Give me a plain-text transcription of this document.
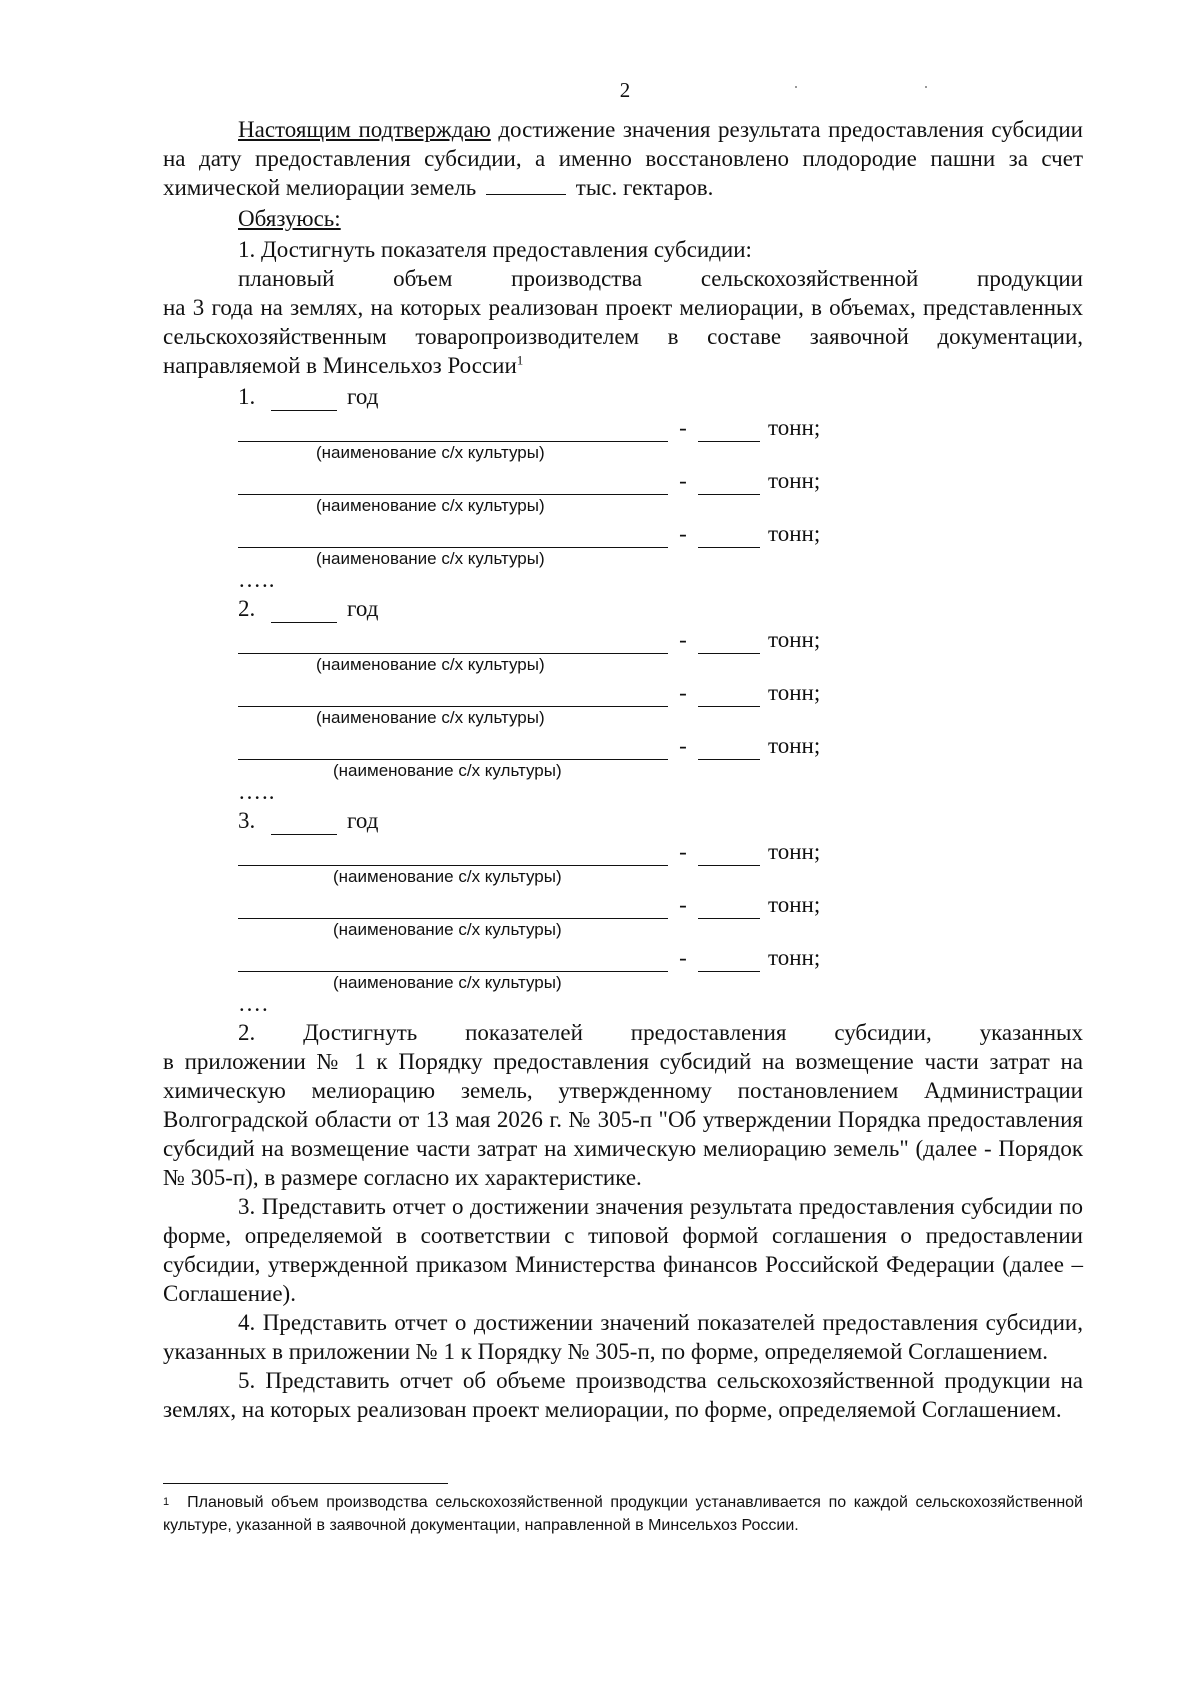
2

Настоящим подтверждаю достижение значения результата предоставления субсидии на дату предоставления субсидии, а именно восстановлено плодородие пашни за счет химической мелиорации земель	тыс. гектаров.

Обязуюсь:

1. Достигнуть показателя предоставления субсидии:

плановый объем производства сельскохозяйственной продукции

на 3 года на землях, на которых реализован проект мелиорации, в объемах, представленных сельскохозяйственным товаропроизводителем в составе заявочной документации, направляемой в Минсельхоз России$^1$

1.	год
-	тонн;
(наименование с/х культуры)
-	тонн;
(наименование с/х культуры)
-	тонн;
(наименование с/х культуры)
…..
2.	год
-	тонн;
(наименование с/х культуры)
-	тонн;
(наименование с/х культуры)
-	тонн;
(наименование с/х культуры)
…..
3.	год
-	тонн;
(наименование с/х культуры)
-	тонн;
(наименование с/х культуры)
-	тонн;
(наименование с/х культуры)
….
2. Достигнуть показателей предоставления субсидии, указанных

в приложении № 1 к Порядку предоставления субсидий на возмещение части затрат на химическую мелиорацию земель, утвержденному постановлением Администрации Волгоградской области от 13 мая 2026 г. № 305-п "Об утверждении Порядка предоставления субсидий на возмещение части затрат на химическую мелиорацию земель" (далее - Порядок № 305-п), в размере согласно их характеристике.

3. Представить отчет о достижении значения результата предоставления субсидии по форме, определяемой в соответствии с типовой формой соглашения о предоставлении субсидии, утвержденной приказом Министерства финансов Российской Федерации (далее – Соглашение).

4. Представить отчет о достижении значений показателей предоставления субсидии, указанных в приложении № 1 к Порядку № 305-п, по форме, определяемой Соглашением.

5. Представить отчет об объеме производства сельскохозяйственной продукции на землях, на которых реализован проект мелиорации, по форме, определяемой Соглашением.

$^1$ Плановый объем производства сельскохозяйственной продукции устанавливается по каждой сельскохозяйственной культуре, указанной в заявочной документации, направленной в Минсельхоз России.
